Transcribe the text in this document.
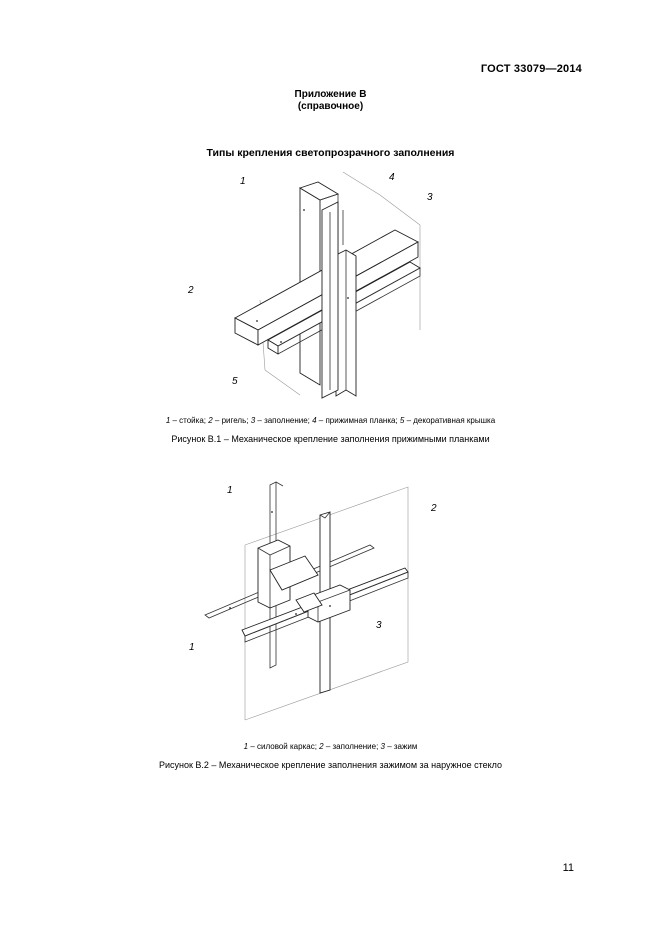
ГОСТ 33079—2014
Приложение В
(справочное)
Типы крепления светопрозрачного заполнения
1
2
3
4
5
1 – стойка; 2 – ригель; 3 – заполнение; 4 – прижимная планка; 5 – декоративная крышка
Рисунок В.1 – Механическое крепление заполнения прижимными планками
1
2
3
1
1 – силовой каркас; 2 – заполнение; 3 – зажим
Рисунок В.2 – Механическое крепление заполнения зажимом за наружное стекло
11
